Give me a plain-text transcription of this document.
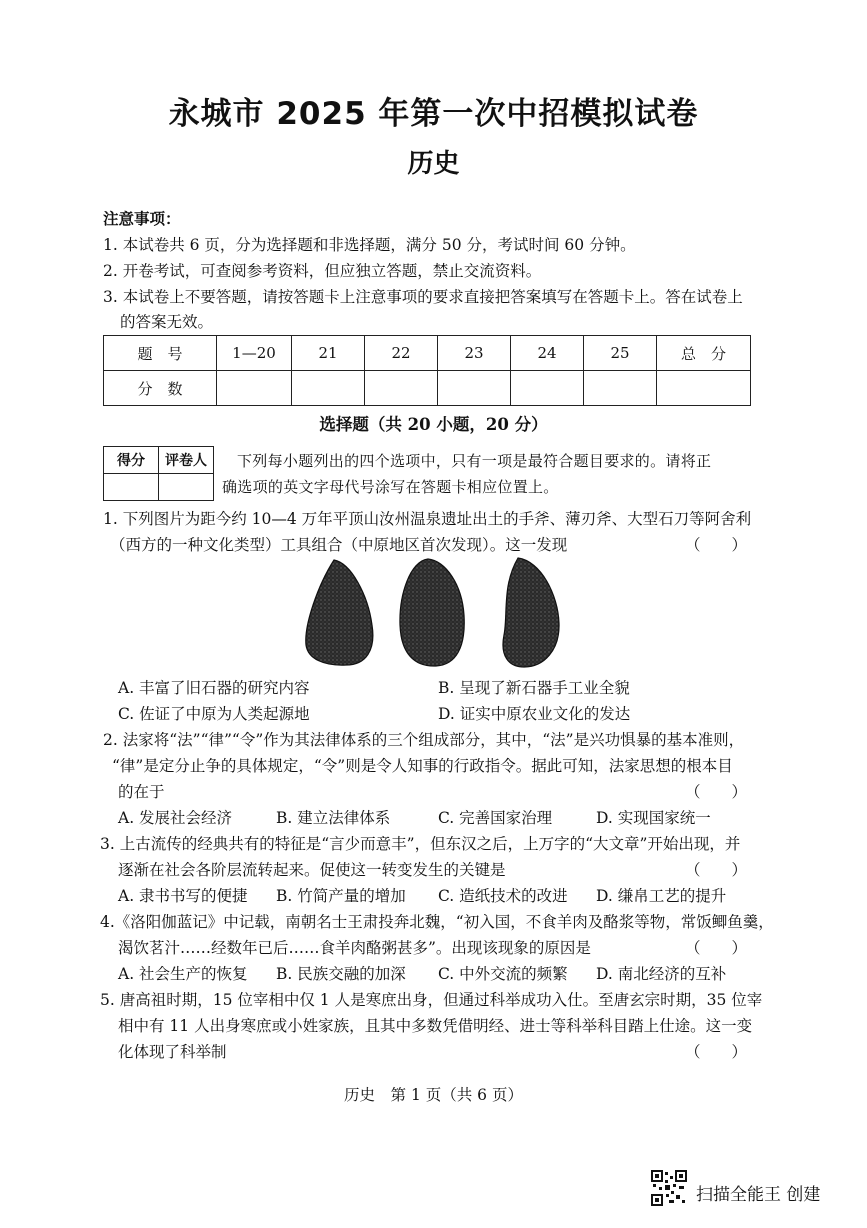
永城市 2025 年第一次中招模拟试卷
历史
注意事项：
1. 本试卷共 6 页，分为选择题和非选择题，满分 50 分，考试时间 60 分钟。
2. 开卷考试，可查阅参考资料，但应独立答题，禁止交流资料。
3. 本试卷上不要答题，请按答题卡上注意事项的要求直接把答案填写在答题卡上。答在试卷上
的答案无效。
题　号	1—20	21	22	23	24	25	总　分
分　数							
选择题（共 20 小题，20 分）
得分	评卷人
	下列每小题列出的四个选项中，只有一项是最符合题目要求的。请将正
确选项的英文字母代号涂写在答题卡相应位置上。
1. 下列图片为距今约 10—4 万年平顶山汝州温泉遗址出土的手斧、薄刃斧、大型石刀等阿舍利
（西方的一种文化类型）工具组合（中原地区首次发现）。这一发现	（　　）
A. 丰富了旧石器的研究内容	B. 呈现了新石器手工业全貌
C. 佐证了中原为人类起源地	D. 证实中原农业文化的发达
2. 法家将“法”“律”“令”作为其法律体系的三个组成部分，其中，“法”是兴功惧暴的基本准则，
“律”是定分止争的具体规定，“令”则是令人知事的行政指令。据此可知，法家思想的根本目
的在于	（　　）
A. 发展社会经济	B. 建立法律体系	C. 完善国家治理	D. 实现国家统一
3. 上古流传的经典共有的特征是“言少而意丰”，但东汉之后，上万字的“大文章”开始出现，并
逐渐在社会各阶层流转起来。促使这一转变发生的关键是	（　　）
A. 隶书书写的便捷 B. 竹简产量的增加 C. 造纸技术的改进 D. 缣帛工艺的提升
4.《洛阳伽蓝记》中记载，南朝名士王肃投奔北魏，“初入国，不食羊肉及酪浆等物，常饭鲫鱼羹，
渴饮茗汁……经数年已后……食羊肉酪粥甚多”。出现该现象的原因是	（　　）
A. 社会生产的恢复 B. 民族交融的加深 C. 中外交流的频繁 D. 南北经济的互补
5. 唐高祖时期，15 位宰相中仅 1 人是寒庶出身，但通过科举成功入仕。至唐玄宗时期，35 位宰
相中有 11 人出身寒庶或小姓家族，且其中多数凭借明经、进士等科举科目踏上仕途。这一变
化体现了科举制	（　　）
历史　第 1 页（共 6 页）
扫描全能王 创建
